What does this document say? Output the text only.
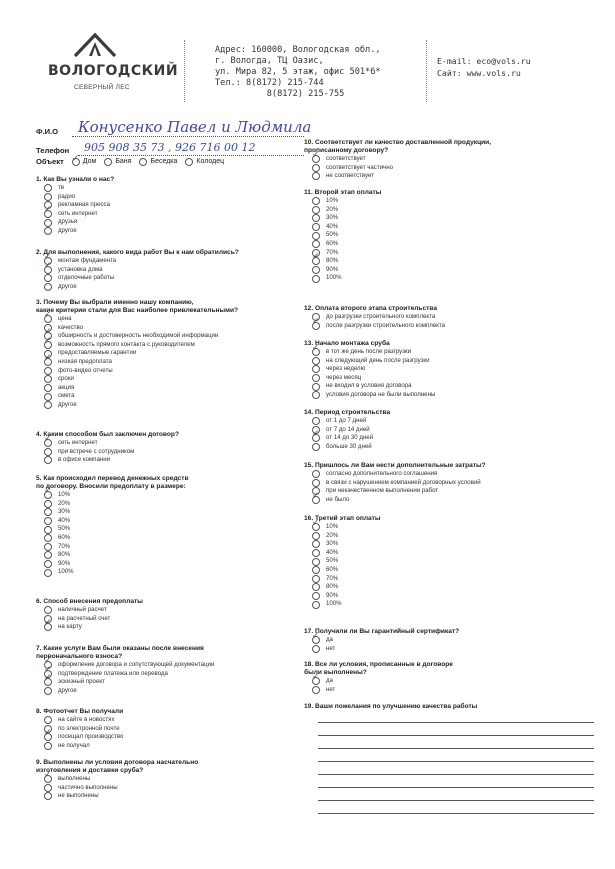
ВОЛОГОДСКИЙ
СЕВЕРНЫЙ ЛЕС
Адрес: 160000, Вологодская обл.,
г. Вологда, ТЦ Оазис,
ул. Мира 82, 5 этаж, офис 501*6*
Тел.: 8(8172) 215-744
8(8172) 215-755
E-mail: eco@vols.ru
Сайт: www.vols.ru
Ф.И.О Конусенко Павел и Людмила
Телефон 905 908 35 73 , 926 716 00 12
Объект
✓	Дом	Баня	Беседка	Колодец
1. Как Вы узнали о нас?
тв
радио
рекламная пресса
✓
сеть интернет
друзья
другое
2. Для выполнения, какого вида работ Вы к нам обратились?
✓
монтаж фундамента
✓
установка дома
отделочные работы
другое
3. Почему Вы выбрали именно нашу компанию,
какие критерии стали для Вас наиболее привлекательными?
✓
цена
качество
✓
обширность и достоверность необходимой информации
✓
возможность прямого контакта с руководителем
предоставляемые гарантии
✓
низкая предоплата
фото-видео отчеты
сроки
акция
смета
другое
4. Каким способом был заключен договор?
✓
сеть интернет
при встрече с сотрудником
в офисе компании
5. Как происходил перевод денежных средств
по договору. Вносили предоплату в размере:
✓
10%
20%
30%
40%
50%
60%
70%
80%
90%
100%
6. Способ внесения предоплаты
наличный расчет
на расчетный счет
✓
на карту
7. Какие услуги Вам были оказаны после внесения
первоначального взноса?
✓
оформление договора и сопутствующей документации
✓
подтверждение платежа или перевода
✓
эскизный проект
другое
8. Фотоотчет Вы получали
на сайте в новостях
по электронной почте
✓
посещал производство
не получал
9. Выполнены ли условия договора насчательно
изготовления и доставки сруба?
✓
выполнены
частично выполнены
не выполнены
10. Соответствует ли качество доставленной продукции,
прописанному договору?
✓
соответствует
соответствует частично
не соответствует
11. Второй этап оплаты
10%
20%
30%
40%
50%
60%
70%
✓
80%
90%
100%
12. Оплата второго этапа строительства
до разгрузки строительного комплекта
✓
после разгрузки строительного комплекта
13. Начало монтажа сруба
✓
в тот же день после разгрузки
на следующий день после разгрузки
через неделю
через месяц
не входил в условия договора
условия договора не были выполнены
14. Период строительства
от 1 до 7 дней
от 7 до 14 дней
✓
от 14 до 30 дней
больше 30 дней
15. Пришлось ли Вам нести дополнительные затраты?
согласно дополнительного соглашения
в связи с нарушением компанией договорных условий
при некачественном выполнении работ
✓
не было
16. Третий этап оплаты
✓
10%
20%
30%
40%
50%
60%
70%
80%
90%
100%
17. Получили ли Вы гарантийный сертификат?
✓
да
нет
18. Все ли условия, прописанные в договоре
были выполнены?
✓
да
нет
19. Ваши пожелания по улучшению качества работы
